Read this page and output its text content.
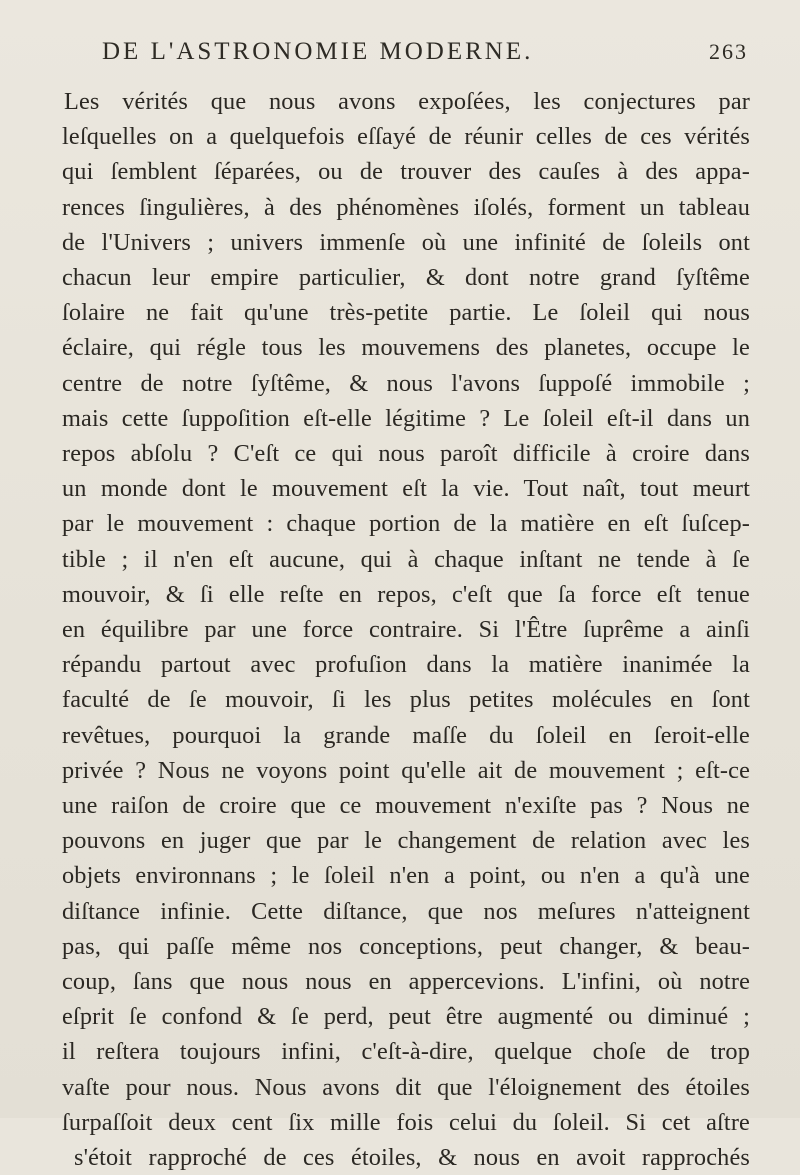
DE L'ASTRONOMIE MODERNE.	263
Les vérités que nous avons expoſées, les conjectures par
leſquelles on a quelquefois eſſayé de réunir celles de ces vérités
qui ſemblent ſéparées, ou de trouver des cauſes à des appa-
rences ſingulières, à des phénomènes iſolés, forment un tableau
de l'Univers ; univers immenſe où une infinité de ſoleils ont
chacun leur empire particulier, & dont notre grand ſyſtême
ſolaire ne fait qu'une très-petite partie. Le ſoleil qui nous
éclaire, qui régle tous les mouvemens des planetes, occupe le
centre de notre ſyſtême, & nous l'avons ſuppoſé immobile ;
mais cette ſuppoſition eſt-elle légitime ? Le ſoleil eſt-il dans un
repos abſolu ? C'eſt ce qui nous paroît difficile à croire dans
un monde dont le mouvement eſt la vie. Tout naît, tout meurt
par le mouvement : chaque portion de la matière en eſt ſuſcep-
tible ; il n'en eſt aucune, qui à chaque inſtant ne tende à ſe
mouvoir, & ſi elle reſte en repos, c'eſt que ſa force eſt tenue
en équilibre par une force contraire. Si l'Être ſuprême a ainſi
répandu partout avec profuſion dans la matière inanimée la
faculté de ſe mouvoir, ſi les plus petites molécules en ſont
revêtues, pourquoi la grande maſſe du ſoleil en ſeroit-elle
privée ? Nous ne voyons point qu'elle ait de mouvement ; eſt-ce
une raiſon de croire que ce mouvement n'exiſte pas ? Nous ne
pouvons en juger que par le changement de relation avec les
objets environnans ; le ſoleil n'en a point, ou n'en a qu'à une
diſtance infinie. Cette diſtance, que nos meſures n'atteignent
pas, qui paſſe même nos conceptions, peut changer, & beau-
coup, ſans que nous nous en appercevions. L'infini, où notre
eſprit ſe confond & ſe perd, peut être augmenté ou diminué ;
il reſtera toujours infini, c'eſt-à-dire, quelque choſe de trop
vaſte pour nous. Nous avons dit que l'éloignement des étoiles
ſurpaſſoit deux cent ſix mille fois celui du ſoleil. Si cet aſtre
s'étoit rapproché de ces étoiles, & nous en avoit rapprochés
